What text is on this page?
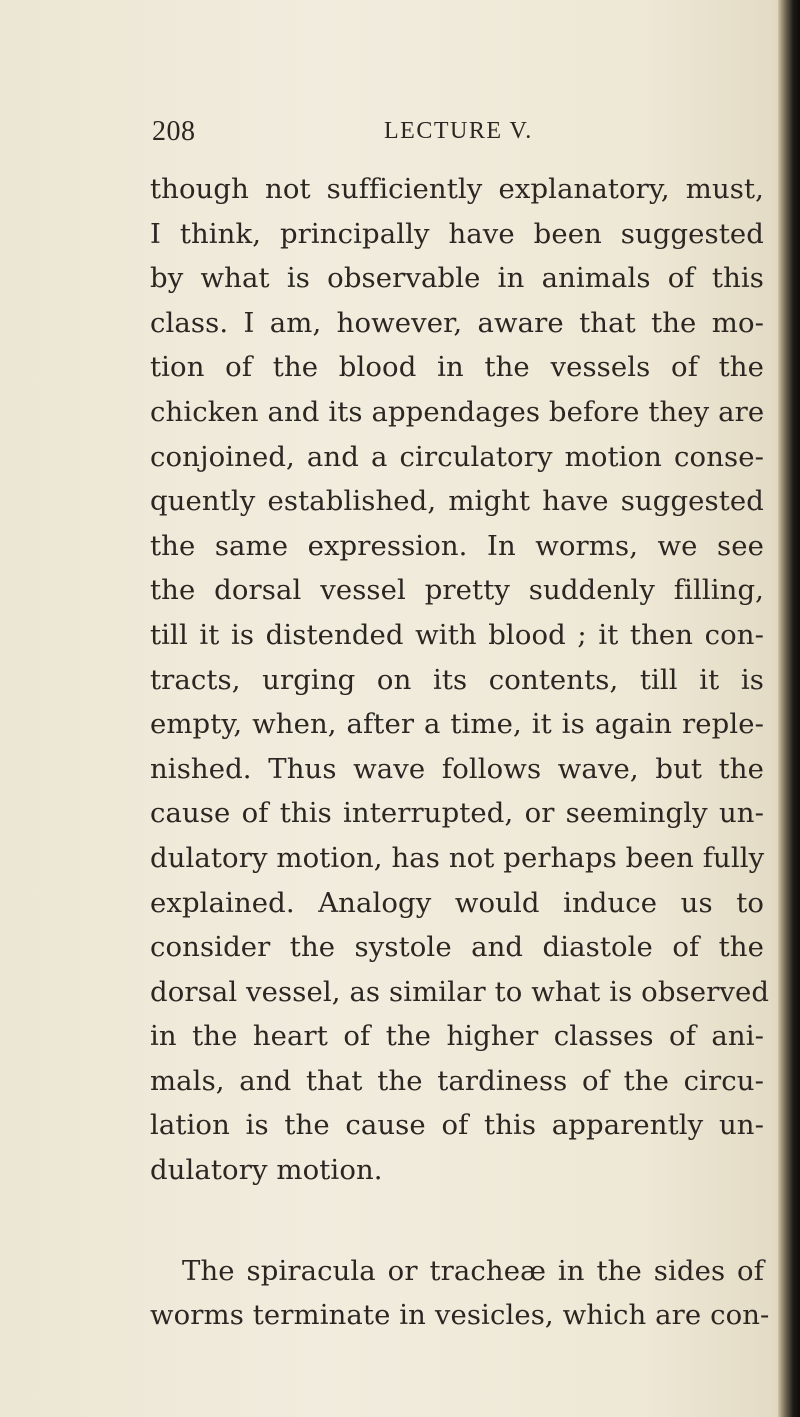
208	LECTURE V.
though not sufficiently explanatory, must,
I think, principally have been suggested
by what is observable in animals of this
class. I am, however, aware that the mo-
tion of the blood in the vessels of the
chicken and its appendages before they are
conjoined, and a circulatory motion conse-
quently established, might have suggested
the same expression. In worms, we see
the dorsal vessel pretty suddenly filling,
till it is distended with blood ; it then con-
tracts, urging on its contents, till it is
empty, when, after a time, it is again reple-
nished. Thus wave follows wave, but the
cause of this interrupted, or seemingly un-
dulatory motion, has not perhaps been fully
explained. Analogy would induce us to
consider the systole and diastole of the
dorsal vessel, as similar to what is observed
in the heart of the higher classes of ani-
mals, and that the tardiness of the circu-
lation is the cause of this apparently un-
dulatory motion.
The spiracula or tracheæ in the sides of
worms terminate in vesicles, which are con-
